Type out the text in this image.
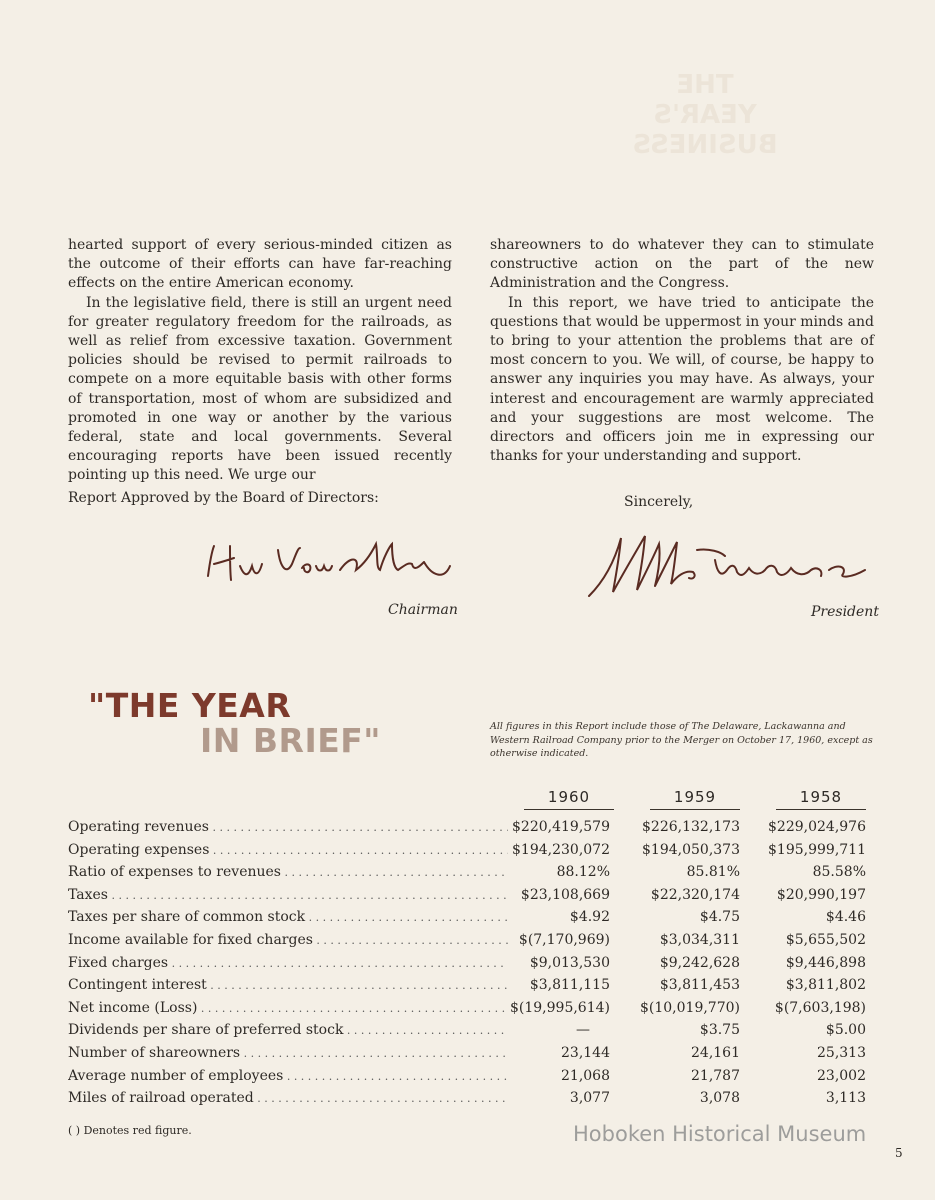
THE
YEAR'S
BUSINESS

hearted support of every serious-minded citizen as the outcome of their efforts can have far-reaching effects on the entire American economy.

In the legislative field, there is still an urgent need for greater regulatory freedom for the railroads, as well as relief from excessive taxation. Government policies should be revised to permit railroads to compete on a more equitable basis with other forms of transportation, most of whom are subsidized and promoted in one way or another by the various federal, state and local governments. Several encouraging reports have been issued recently pointing up this need. We urge our

shareowners to do whatever they can to stimulate constructive action on the part of the new Administration and the Congress.

In this report, we have tried to anticipate the questions that would be uppermost in your minds and to bring to your attention the problems that are of most concern to you. We will, of course, be happy to answer any inquiries you may have. As always, your interest and encouragement are warmly appreciated and your suggestions are most welcome. The directors and officers join me in expressing our thanks for your understanding and support.

Report Approved by the Board of Directors:	Sincerely,
Chairman	President
"THE YEAR
IN BRIEF"	All figures in this Report include those of The Delaware, Lackawanna and Western Railroad Company prior to the Merger on October 17, 1960, except as otherwise indicated.
1960	1959	1958
Operating revenues . . .	$220,419,579	$226,132,173	$229,024,976
Operating expenses . . .	$194,230,072	$194,050,373	$195,999,711
Ratio of expenses to revenues . . .	88.12%	85.81%	85.58%
Taxes . . .	$23,108,669	$22,320,174	$20,990,197
Taxes per share of common stock . . .	$4.92	$4.75	$4.46
Income available for fixed charges . . .	$(7,170,969)	$3,034,311	$5,655,502
Fixed charges . . .	$9,013,530	$9,242,628	$9,446,898
Contingent interest . . .	$3,811,115	$3,811,453	$3,811,802
Net income (Loss) . . .	$(19,995,614)	$(10,019,770)	$(7,603,198)
Dividends per share of preferred stock . . .	—	$3.75	$5.00
Number of shareowners . . .	23,144	24,161	25,313
Average number of employees . . .	21,068	21,787	23,002
Miles of railroad operated . . .	3,077	3,078	3,113
( ) Denotes red figure.	Hoboken Historical Museum
5
